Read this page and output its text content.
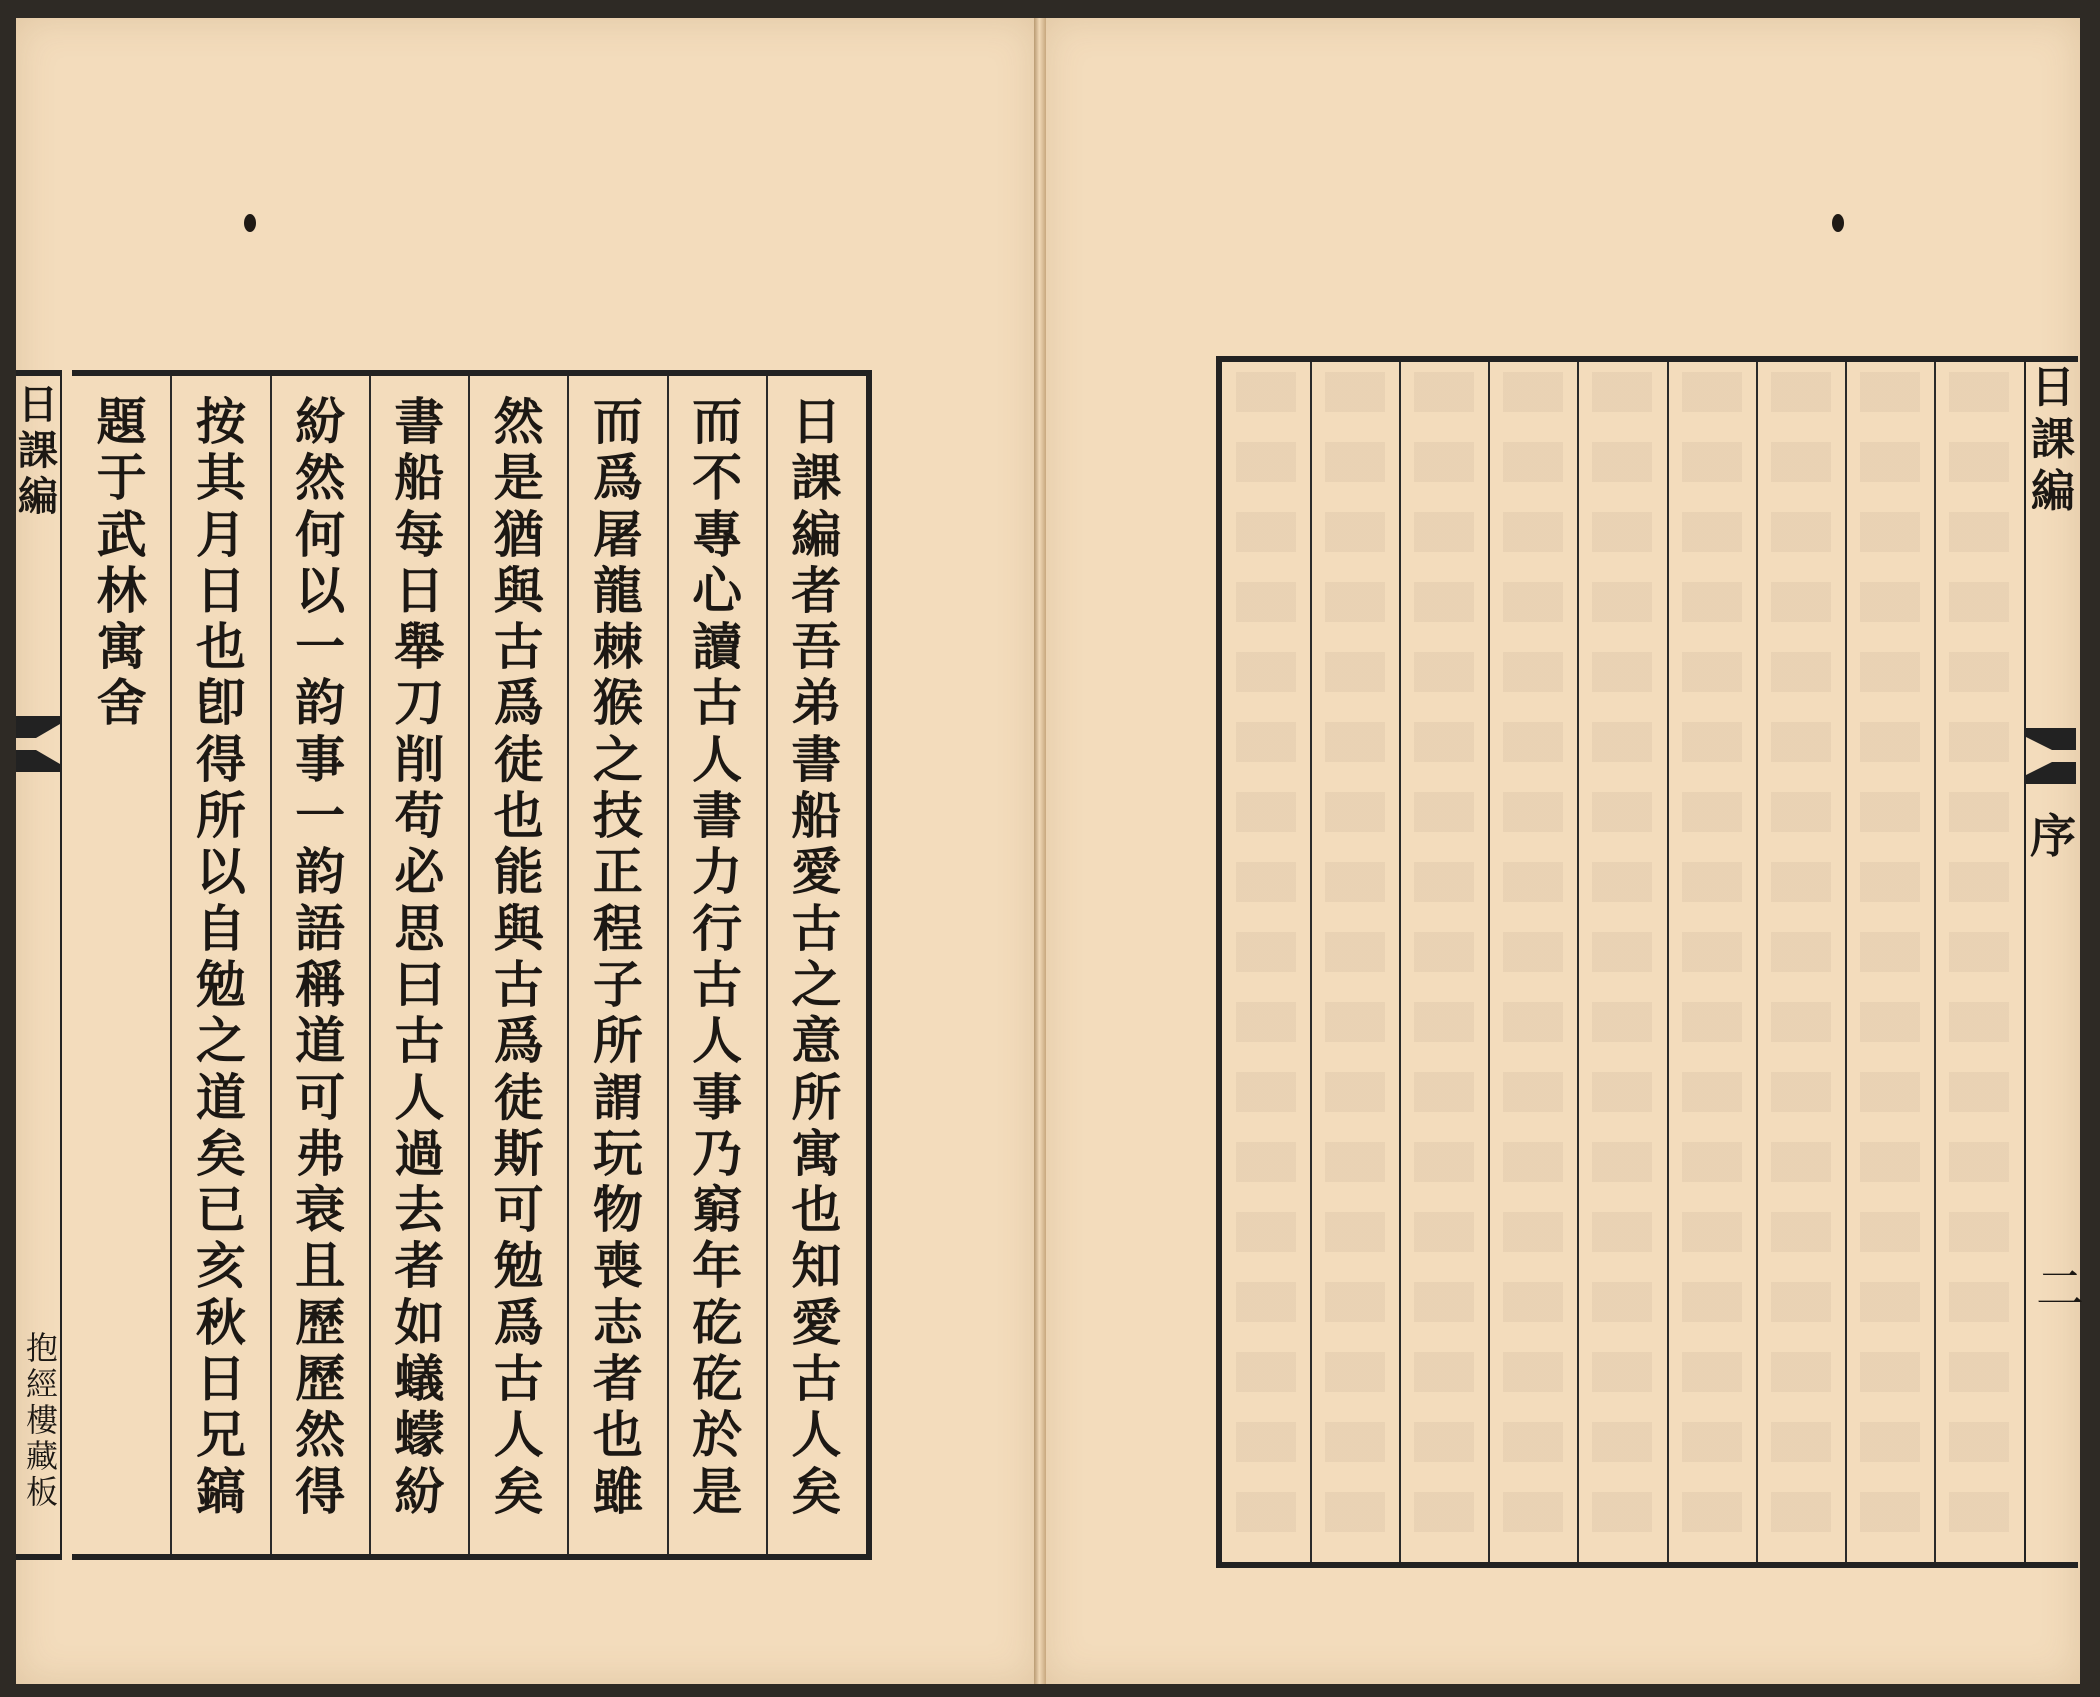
日
課
編
抱
經
樓
藏
板
日
課
編
者
吾
弟
書
船
愛
古
之
意
所
寓
也
知
愛
古
人
矣
而
不
專
心
讀
古
人
書
力
行
古
人
事
乃
窮
年
矻
矻
於
是
而
爲
屠
龍
棘
猴
之
技
正
程
子
所
謂
玩
物
喪
志
者
也
雖
然
是
猶
與
古
爲
徒
也
能
與
古
爲
徒
斯
可
勉
爲
古
人
矣
書
船
每
日
舉
刀
削
苟
必
思
曰
古
人
過
去
者
如
蟻
蠓
紛
紛
然
何
以
一
韵
事
一
韵
語
稱
道
可
弗
衰
且
歷
歷
然
得
按
其
月
日
也
卽
得
所
以
自
勉
之
道
矣
已
亥
秋
日
兄
鎬
題
于
武
林
寓
舍
日
課
編
序
二
